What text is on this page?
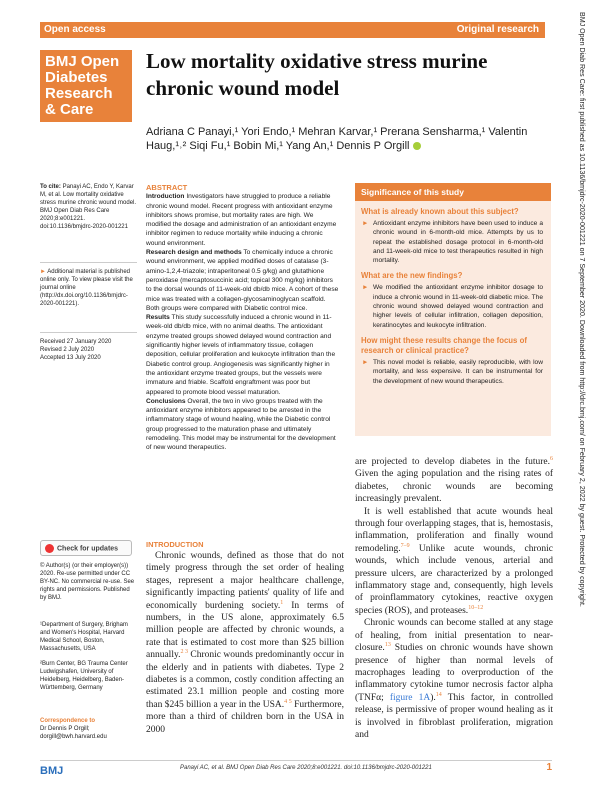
Open access	Original research
BMJ Open
Diabetes
Research
& Care
Low mortality oxidative stress murine chronic wound model
Adriana C Panayi,¹ Yori Endo,¹ Mehran Karvar,¹ Prerana Sensharma,¹ Valentin Haug,¹˒² Siqi Fu,¹ Bobin Mi,¹ Yang An,¹ Dennis P Orgill
To cite: Panayi AC, Endo Y, Karvar M, et al. Low mortality oxidative stress murine chronic wound model. BMJ Open Diab Res Care 2020;8:e001221. doi:10.1136/bmjdrc-2020-001221
► Additional material is published online only. To view please visit the journal online (http://dx.doi.org/10.1136/bmjdrc-2020-001221).
Received 27 January 2020
Revised 2 July 2020
Accepted 13 July 2020
Check for updates
© Author(s) (or their employer(s)) 2020. Re-use permitted under CC BY-NC. No commercial re-use. See rights and permissions. Published by BMJ.
¹Department of Surgery, Brigham and Women's Hospital, Harvard Medical School, Boston, Massachusetts, USA
²Burn Center, BG Trauma Center Ludwigshafen, University of Heidelberg, Heidelberg, Baden-Württemberg, Germany
Correspondence to
Dr Dennis P Orgill;
dorgill@bwh.harvard.edu
ABSTRACT

Introduction Investigators have struggled to produce a reliable chronic wound model. Recent progress with antioxidant enzyme inhibitors shows promise, but mortality rates are high. We modified the dosage and administration of an antioxidant enzyme inhibitor regimen to reduce mortality while inducing a chronic wound environment.

Research design and methods To chemically induce a chronic wound environment, we applied modified doses of catalase (3-amino-1,2,4-triazole; intraperitoneal 0.5 g/kg) and glutathione peroxidase (mercaptosuccinic acid; topical 300 mg/kg) inhibitors to the dorsal wounds of 11-week-old db/db mice. A cohort of these mice was treated with a collagen-glycosaminoglycan scaffold. Both groups were compared with Diabetic control mice.

Results This study successfully induced a chronic wound in 11-week-old db/db mice, with no animal deaths. The antioxidant enzyme treated groups showed delayed wound contraction and significantly higher levels of inflammatory tissue, collagen deposition, cellular proliferation and leukocyte infiltration than the Diabetic control group. Angiogenesis was significantly higher in the antioxidant enzyme treated groups, but the vessels were immature and friable. Scaffold engraftment was poor but appeared to promote blood vessel maturation.

Conclusions Overall, the two in vivo groups treated with the antioxidant enzyme inhibitors appeared to be arrested in the inflammatory stage of wound healing, while the Diabetic control group progressed to the maturation phase and ultimately remodeling. This model may be instrumental for the development of new wound therapeutics.

Significance of this study
What is already known about this subject?
► Antioxidant enzyme inhibitors have been used to induce a chronic wound in 6-month-old mice. Attempts by us to repeat the established dosage protocol in 6-month-old and 11-week-old mice to test therapeutics resulted in high mortality.
What are the new findings?
► We modified the antioxidant enzyme inhibitor dosage to induce a chronic wound in 11-week-old diabetic mice. The chronic wound showed delayed wound contraction and higher levels of cellular infiltration, collagen deposition, keratinocytes and leukocyte infiltration.
How might these results change the focus of research or clinical practice?
► This novel model is reliable, easily reproducible, with low mortality, and less expensive. It can be instrumental for the development of new wound therapeutics.
INTRODUCTION

Chronic wounds, defined as those that do not timely progress through the set order of healing stages, represent a major healthcare challenge, significantly impacting patients' quality of life and economically burdening society.$^1$ In terms of numbers, in the US alone, approximately 6.5 million people are affected by chronic wounds, a rate that is estimated to cost more than $25 billion annually.$^{2 3}$ Chronic wounds predominantly occur in the elderly and in patients with diabetes. Type 2 diabetes is a common, costly condition affecting an estimated 23.1 million people and costing more than $245 billion a year in the USA.$^{4 5}$ Furthermore, more than a third of children born in the USA in 2000

are projected to develop diabetes in the future.$^6$ Given the aging population and the rising rates of diabetes, chronic wounds are becoming increasingly prevalent.

It is well established that acute wounds heal through four overlapping stages, that is, hemostasis, inflammation, proliferation and finally wound remodeling.$^{7-9}$ Unlike acute wounds, chronic wounds, which include venous, arterial and pressure ulcers, are characterized by a prolonged inflammatory stage and, consequently, high levels of proinflammatory cytokines, reactive oxygen species (ROS), and proteases.$^{10-12}$

Chronic wounds can become stalled at any stage of healing, from initial presentation to near-closure.$^{13}$ Studies on chronic wounds have shown presence of higher than normal levels of macrophages leading to overproduction of the inflammatory cytokine tumor necrosis factor alpha (TNFα; figure 1A).$^{14}$ This factor, in controlled release, is permissive of proper wound healing as it is involved in fibroblast proliferation, migration and

BMJ Open Diab Res Care: first published as 10.1136/bmjdrc-2020-001221 on 7 September 2020. Downloaded from http://drc.bmj.com/ on February 2, 2022 by guest. Protected by copyright.
BMJ	Panayi AC, et al. BMJ Open Diab Res Care 2020;8:e001221. doi:10.1136/bmjdrc-2020-001221	1
